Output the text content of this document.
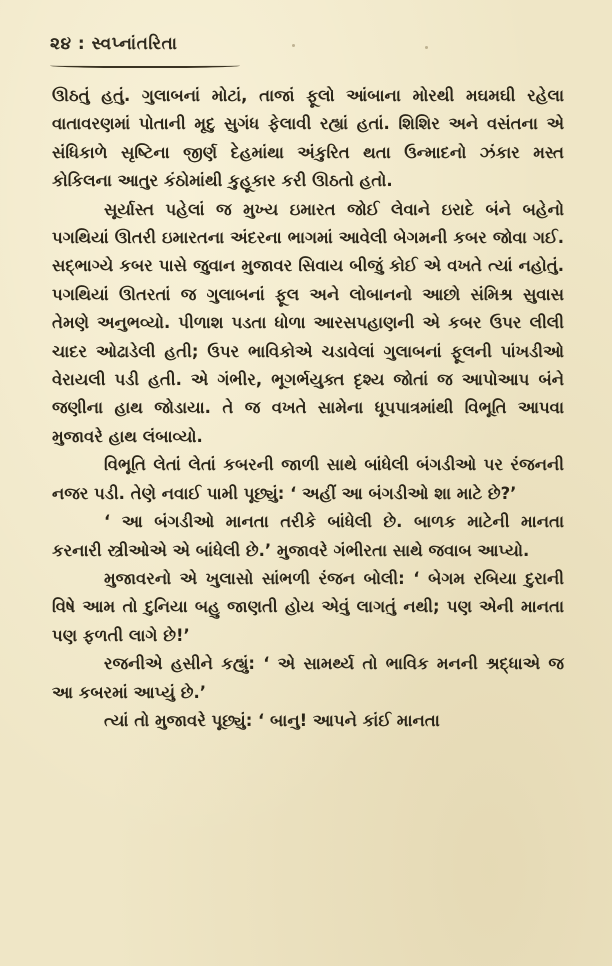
૨૪ : સ્વપ્નાંતરિતા

ઊઠતું હતું. ગુલાબનાં મોટાં, તાજાં ફૂલો આંબાના મોરથી મઘમઘી રહેલા વાતાવરણમાં પોતાની મૃદુ સુગંધ ફેલાવી રહ્યાં હતાં. શિશિર અને વસંતના એ સંધિકાળે સૃષ્ટિના જીર્ણ દેહમાંથા અંકુરિત થતા ઉન્માદનો ઝંકાર મસ્ત કોકિલના આતુર કંઠોમાંથી કુહૂકાર કરી ઊઠતો હતો.

સૂર્યાસ્ત પહેલાં જ મુખ્ય ઇમારત જોઈ લેવાને ઇરાદે બંને બહેનો પગથિયાં ઊતરી ઇમારતના અંદરના ભાગમાં આવેલી બેગમની કબર જોવા ગઈ. સદ્‌ભાગ્યે કબર પાસે જુવાન મુજાવર સિવાય બીજું કોઈ એ વખતે ત્યાં નહોતું. પગથિયાં ઊતરતાં જ ગુલાબનાં ફૂલ અને લોબાનનો આછો સંમિશ્ર સુવાસ તેમણે અનુભવ્યો. પીળાશ પડતા ધોળા આરસપહાણની એ કબર ઉપર લીલી ચાદર ઓઢાડેલી હતી; ઉપર ભાવિકોએ ચડાવેલાં ગુલાબનાં ફૂલની પાંખડીઓ વેરાયલી પડી હતી. એ ગંભીર, ભૂગર્ભયુક્ત દૃશ્ય જોતાં જ આપોઆપ બંને જણીના હાથ જોડાયા. તે જ વખતે સામેના ધૂપપાત્રમાંથી વિભૂતિ આપવા મુજાવરે હાથ લંબાવ્યો.

વિભૂતિ લેતાં લેતાં કબરની જાળી સાથે બાંધેલી બંગડીઓ પર રંજનની નજર પડી. તેણે નવાઈ પામી પૂછ્યું: ‘ અહીં આ બંગડીઓ શા માટે છે?’

‘ આ બંગડીઓ માનતા તરીકે બાંધેલી છે. બાળક માટેની માનતા કરનારી સ્ત્રીઓએ એ બાંધેલી છે.’ મુજાવરે ગંભીરતા સાથે જવાબ આપ્યો.

મુજાવરનો એ ખુલાસો સાંભળી રંજન બોલી: ‘ બેગમ રબિયા દુરાની વિષે આમ તો દુનિયા બહુ જાણતી હોય એવું લાગતું નથી; પણ એની માનતા પણ ફળતી લાગે છે!’

રજનીએ હસીને કહ્યું: ‘ એ સામર્થ્ય તો ભાવિક મનની શ્રદ્ધાએ જ આ કબરમાં આપ્યું છે.’

ત્યાં તો મુજાવરે પૂછ્યું: ‘ બાનુ! આપને કાંઈ માનતા
